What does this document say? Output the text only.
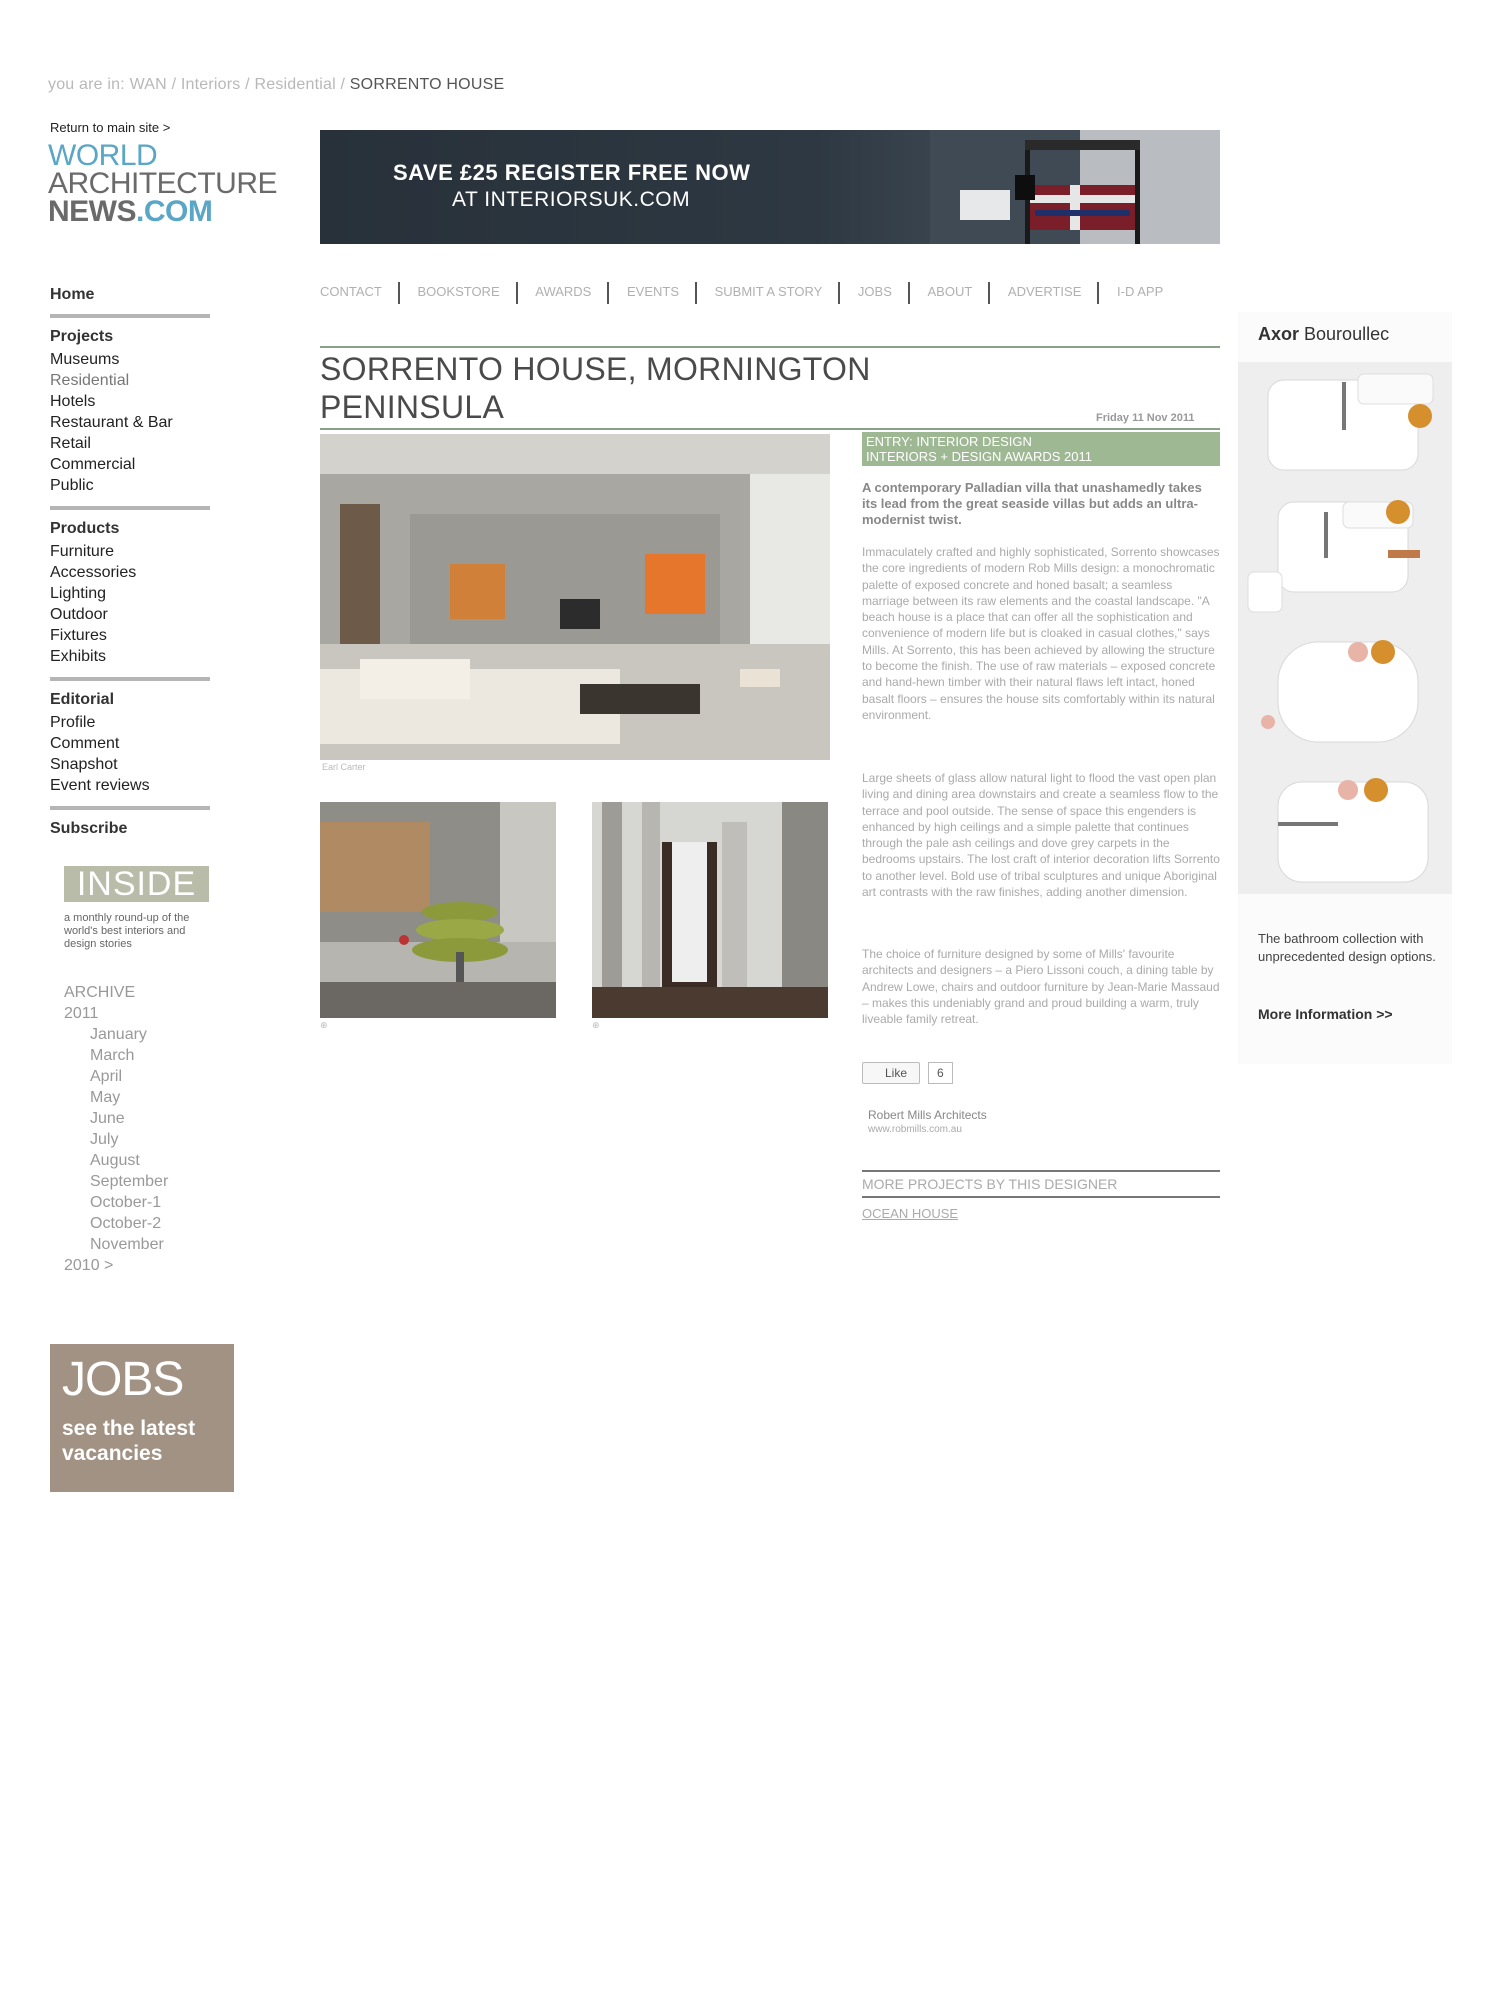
you are in: WAN / Interiors / Residential / SORRENTO HOUSE
Return to main site >
WORLD
ARCHITECTURE
NEWS.COM
SAVE £25 REGISTER FREE NOW
AT INTERIORSUK.COM
CONTACT	BOOKSTORE	AWARDS	EVENTS	SUBMIT A STORY	JOBS	ABOUT	ADVERTISE	I-D APP
Home
Projects
Museums
Residential
Hotels
Restaurant & Bar
Retail
Commercial
Public
Products
Furniture
Accessories
Lighting
Outdoor
Fixtures
Exhibits
Editorial
Profile
Comment
Snapshot
Event reviews
Subscribe
INSIDE
a monthly round-up of the world's best interiors and design stories
ARCHIVE
2011
January
March
April
May
June
July
August
September
October-1
October-2
November
2010 >
JOBS
see the latest
vacancies
SORRENTO HOUSE, MORNINGTON PENINSULA	Friday 11 Nov 2011
Earl Carter
⊕	⊕
ENTRY: INTERIOR DESIGN
INTERIORS + DESIGN AWARDS 2011
A contemporary Palladian villa that unashamedly takes its lead from the great seaside villas but adds an ultra-modernist twist.
Immaculately crafted and highly sophisticated, Sorrento showcases the core ingredients of modern Rob Mills design: a monochromatic palette of exposed concrete and honed basalt; a seamless marriage between its raw elements and the coastal landscape. "A beach house is a place that can offer all the sophistication and convenience of modern life but is cloaked in casual clothes," says Mills. At Sorrento, this has been achieved by allowing the structure to become the finish. The use of raw materials – exposed concrete and hand-hewn timber with their natural flaws left intact, honed basalt floors – ensures the house sits comfortably within its natural environment.
Large sheets of glass allow natural light to flood the vast open plan living and dining area downstairs and create a seamless flow to the terrace and pool outside. The sense of space this engenders is enhanced by high ceilings and a simple palette that continues through the pale ash ceilings and dove grey carpets in the bedrooms upstairs. The lost craft of interior decoration lifts Sorrento to another level. Bold use of tribal sculptures and unique Aboriginal art contrasts with the raw finishes, adding another dimension.
The choice of furniture designed by some of Mills' favourite architects and designers – a Piero Lissoni couch, a dining table by Andrew Lowe, chairs and outdoor furniture by Jean-Marie Massaud – makes this undeniably grand and proud building a warm, truly liveable family retreat.
Like	6
Robert Mills Architects
www.robmills.com.au
MORE PROJECTS BY THIS DESIGNER
OCEAN HOUSE
Axor Bouroullec
The bathroom collection with unprecedented design options.
More Information >>
